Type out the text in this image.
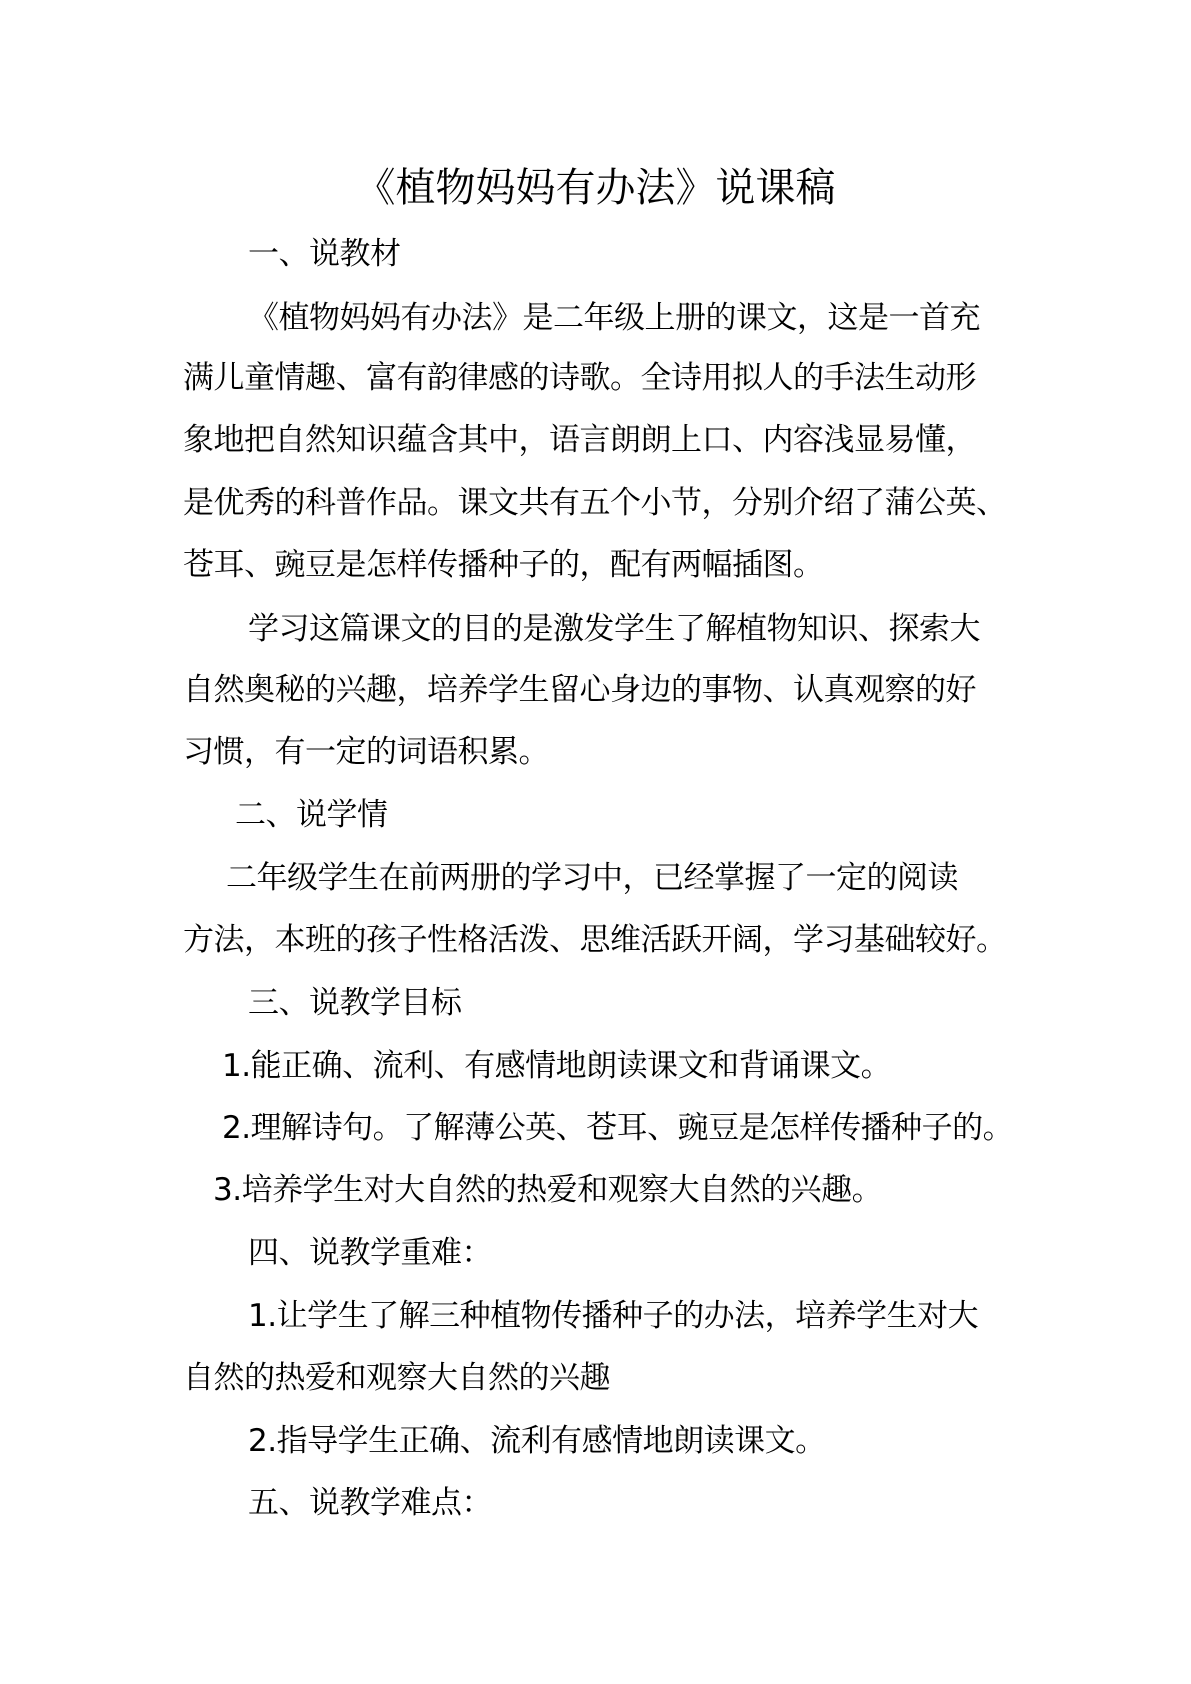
《植物妈妈有办法》说课稿
一、说教材
《植物妈妈有办法》是二年级上册的课文，这是一首充
满儿童情趣、富有韵律感的诗歌。全诗用拟人的手法生动形
象地把自然知识蕴含其中，语言朗朗上口、内容浅显易懂，
是优秀的科普作品。课文共有五个小节，分别介绍了蒲公英、
苍耳、豌豆是怎样传播种子的，配有两幅插图。
学习这篇课文的目的是激发学生了解植物知识、探索大
自然奥秘的兴趣，培养学生留心身边的事物、认真观察的好
习惯，有一定的词语积累。
二、说学情
二年级学生在前两册的学习中，已经掌握了一定的阅读
方法，本班的孩子性格活泼、思维活跃开阔，学习基础较好。
三、说教学目标
1.能正确、流利、有感情地朗读课文和背诵课文。
2.理解诗句。了解薄公英、苍耳、豌豆是怎样传播种子的。
3.培养学生对大自然的热爱和观察大自然的兴趣。
四、说教学重难：
1.让学生了解三种植物传播种子的办法，培养学生对大
自然的热爱和观察大自然的兴趣
2.指导学生正确、流利有感情地朗读课文。
五、说教学难点：
